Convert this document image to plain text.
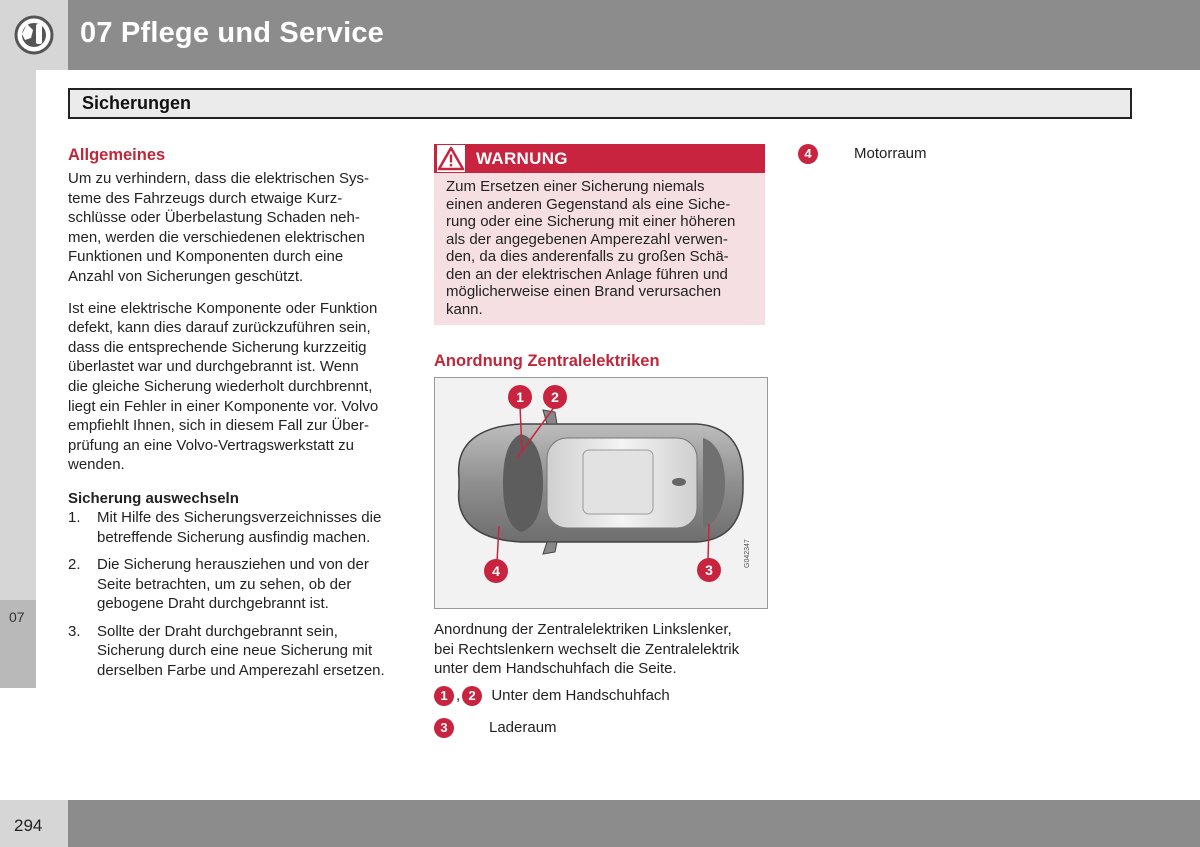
07 Pflege und Service
07
Sicherungen
Allgemeines
Um zu verhindern, dass die elektrischen Sys-
teme des Fahrzeugs durch etwaige Kurz-
schlüsse oder Überbelastung Schaden neh-
men, werden die verschiedenen elektrischen
Funktionen und Komponenten durch eine
Anzahl von Sicherungen geschützt.
Ist eine elektrische Komponente oder Funktion
defekt, kann dies darauf zurückzuführen sein,
dass die entsprechende Sicherung kurzzeitig
überlastet war und durchgebrannt ist. Wenn
die gleiche Sicherung wiederholt durchbrennt,
liegt ein Fehler in einer Komponente vor. Volvo
empfiehlt Ihnen, sich in diesem Fall zur Über-
prüfung an eine Volvo-Vertragswerkstatt zu
wenden.
Sicherung auswechseln
1. Mit Hilfe des Sicherungsverzeichnisses die
betreffende Sicherung ausfindig machen.
2. Die Sicherung herausziehen und von der
Seite betrachten, um zu sehen, ob der
gebogene Draht durchgebrannt ist.
3. Sollte der Draht durchgebrannt sein,
Sicherung durch eine neue Sicherung mit
derselben Farbe und Amperezahl ersetzen.
WARNUNG
Zum Ersetzen einer Sicherung niemals
einen anderen Gegenstand als eine Siche-
rung oder eine Sicherung mit einer höheren
als der angegebenen Amperezahl verwen-
den, da dies anderenfalls zu großen Schä-
den an der elektrischen Anlage führen und
möglicherweise einen Brand verursachen
kann.
Anordnung Zentralelektriken
1 2
3
4
G042347
Anordnung der Zentralelektriken Linkslenker,
bei Rechtslenkern wechselt die Zentralelektrik
unter dem Handschuhfach die Seite.
1 , 2 Unter dem Handschuhfach
3	Laderaum
4	Motorraum
294
